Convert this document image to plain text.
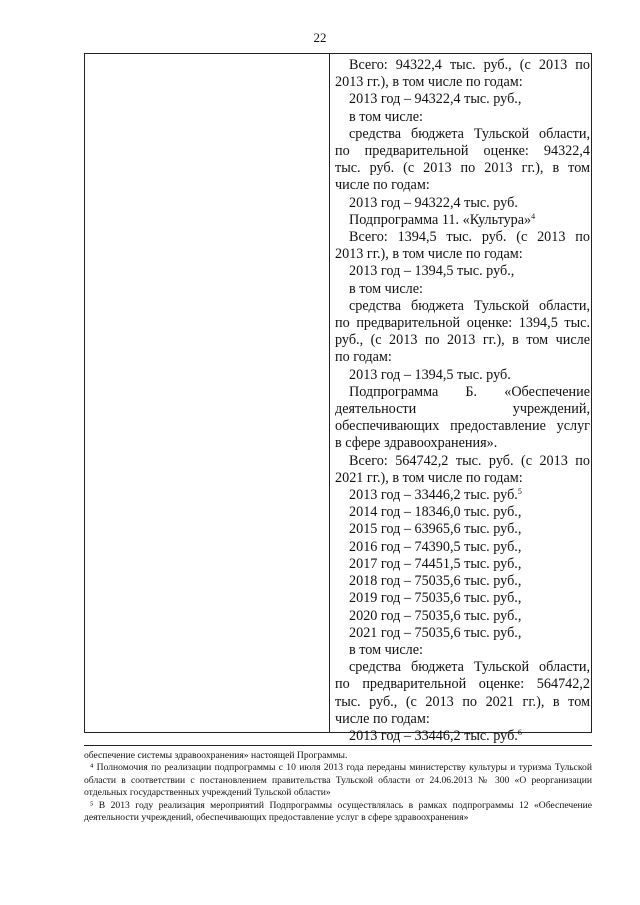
22

Всего: 94322,4 тыс. руб., (с 2013 по

2013 гг.), в том числе по годам:

2013 год – 94322,4 тыс. руб.,

в том числе:

средства бюджета Тульской области,

по предварительной оценке: 94322,4

тыс. руб. (с 2013 по 2013 гг.), в том

числе по годам:

2013 год – 94322,4 тыс. руб.

Подпрограмма 11. «Культура»$^4$

Всего: 1394,5 тыс. руб. (с 2013 по

2013 гг.), в том числе по годам:

2013 год – 1394,5 тыс. руб.,

в том числе:

средства бюджета Тульской области,

по предварительной оценке: 1394,5 тыс.

руб., (с 2013 по 2013 гг.), в том числе

по годам:

2013 год – 1394,5 тыс. руб.

Подпрограмма Б. «Обеспечение

деятельности учреждений,

обеспечивающих предоставление услуг

в сфере здравоохранения».

Всего: 564742,2 тыс. руб. (с 2013 по

2021 гг.), в том числе по годам:

2013 год – 33446,2 тыс. руб.$^5$

2014 год – 18346,0 тыс. руб.,

2015 год – 63965,6 тыс. руб.,

2016 год – 74390,5 тыс. руб.,

2017 год – 74451,5 тыс. руб.,

2018 год – 75035,6 тыс. руб.,

2019 год – 75035,6 тыс. руб.,

2020 год – 75035,6 тыс. руб.,

2021 год – 75035,6 тыс. руб.,

в том числе:

средства бюджета Тульской области,

по предварительной оценке: 564742,2

тыс. руб., (с 2013 по 2021 гг.), в том

числе по годам:

2013 год – 33446,2 тыс. руб.$^6$

обеспечение системы здравоохранения» настоящей Программы.

⁴ Полномочия по реализации подпрограммы с 10 июля 2013 года переданы министерству культуры и туризма Тульской области в соответствии с постановлением правительства Тульской области от 24.06.2013 № 300 «О реорганизации отдельных государственных учреждений Тульской области»

⁵ В 2013 году реализация мероприятий Подпрограммы осуществлялась в рамках подпрограммы 12 «Обеспечение деятельности учреждений, обеспечивающих предоставление услуг в сфере здравоохранения»
